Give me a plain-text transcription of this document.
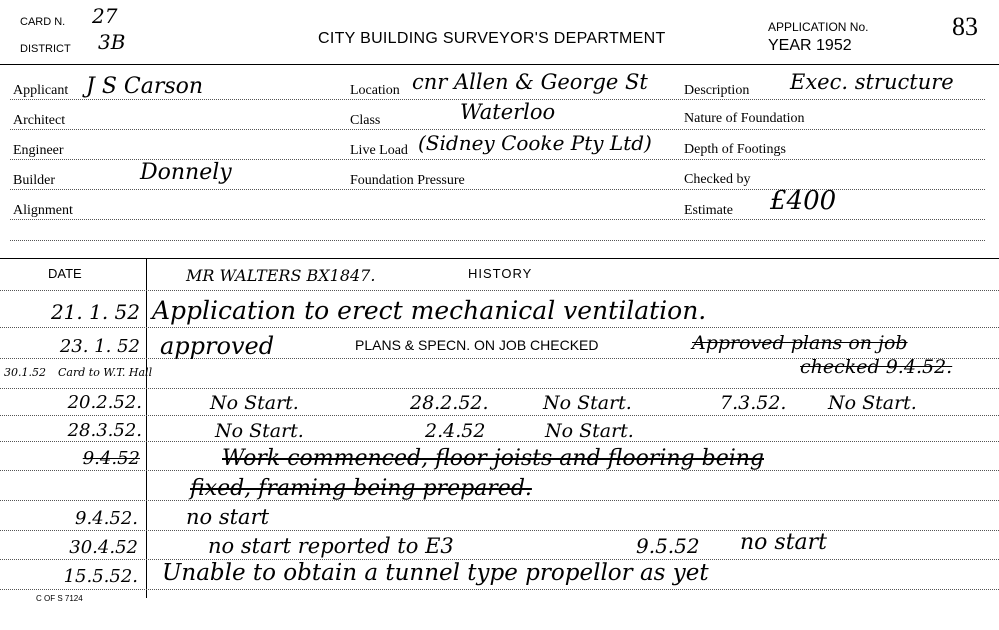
CARD N. 27
DISTRICT 3B	CITY BUILDING SURVEYOR'S DEPARTMENT
APPLICATION No.	83
YEAR 1952
Applicant J S Carson
Architect
Engineer
Builder	Donnely
Alignment
Location cnr Allen & George St
Class	Waterloo
Live Load (Sidney Cooke Pty Ltd)
Foundation Pressure
Description Exec. structure
Nature of Foundation
Depth of Footings
Checked by
Estimate £400
DATE	MR WALTERS BX1847.	HISTORY
21. 1. 52 Application to erect mechanical ventilation.
23. 1. 52 approved	PLANS & SPECN. ON JOB CHECKED	Approved plans on job
checked 9.4.52.
30.1.52 Card to W.T. Hall
20.2.52.	No Start.	28.2.52.	No Start.	7.3.52. No Start.
28.3.52.	No Start.	2.4.52	No Start.
9.4.52	Work commenced, floor joists and flooring being
fixed, framing being prepared.
9.4.52. no start
30.4.52	no start reported to E3	9.5.52 no start
15.5.52. Unable to obtain a tunnel type propellor as yet
C OF S 7124
